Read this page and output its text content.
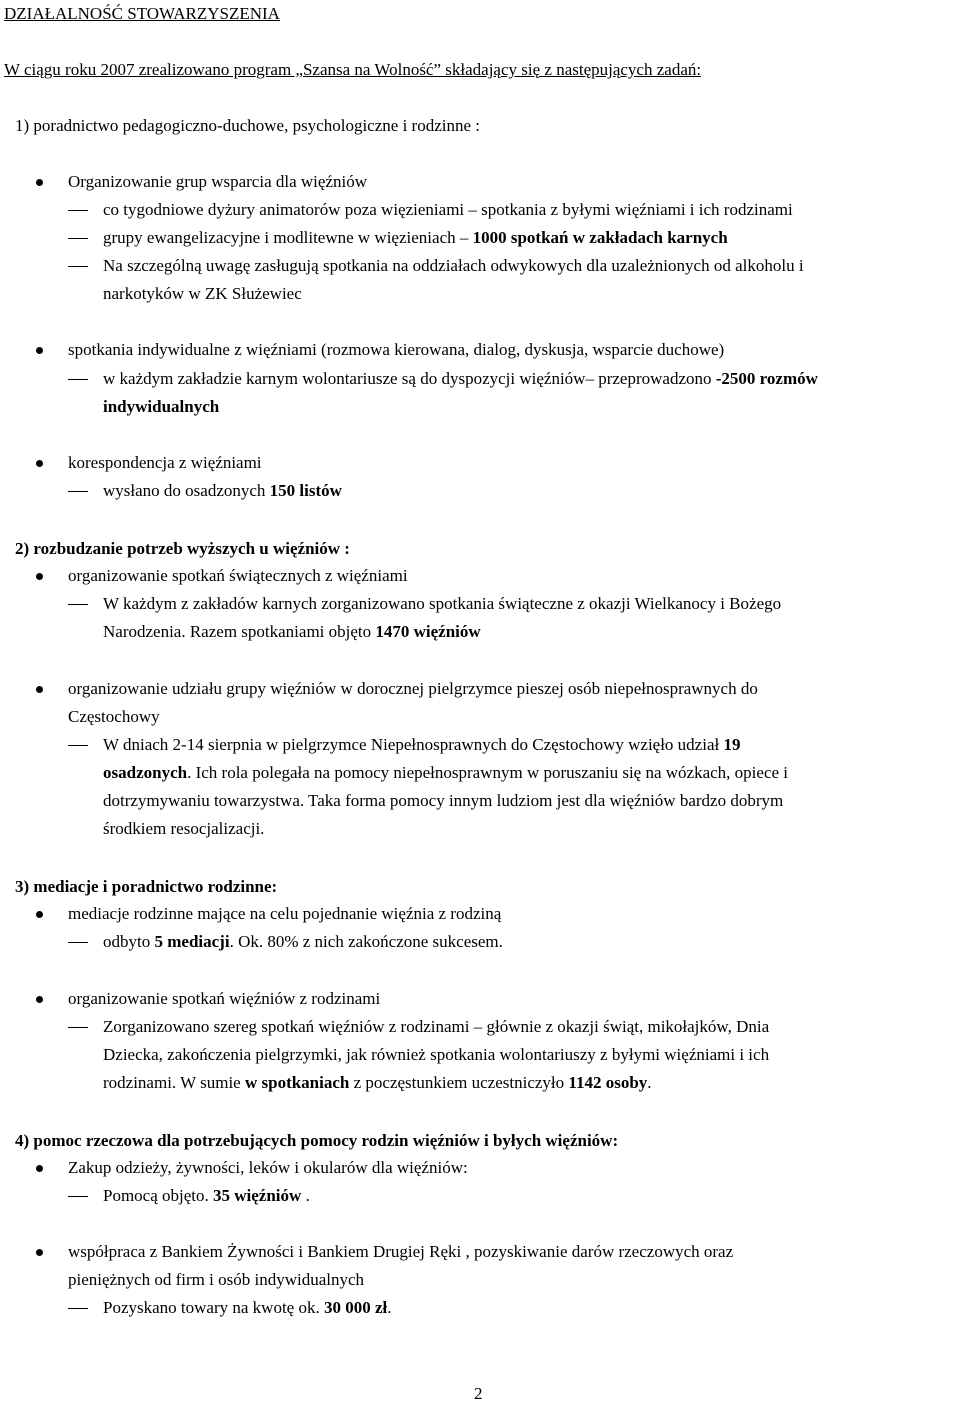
DZIAŁALNOŚĆ STOWARZYSZENIA
W ciągu roku 2007 zrealizowano program „Szansa na Wolność” składający się z następujących zadań:
1) poradnictwo pedagogiczno-duchowe, psychologiczne i rodzinne :
Organizowanie grup wsparcia dla więźniów
co tygodniowe dyżury animatorów poza więzieniami – spotkania z byłymi więźniami i ich rodzinami
grupy ewangelizacyjne i modlitewne w więzieniach – 1000 spotkań w zakładach karnych
Na szczególną uwagę zasługują spotkania na oddziałach odwykowych dla uzależnionych od alkoholu i
narkotyków w ZK Służewiec
spotkania indywidualne z więźniami (rozmowa kierowana, dialog, dyskusja, wsparcie duchowe)
w każdym zakładzie karnym wolontariusze są do dyspozycji więźniów– przeprowadzono -2500 rozmów
indywidualnych
korespondencja z więźniami
wysłano do osadzonych 150 listów
2) rozbudzanie potrzeb wyższych u więźniów :
organizowanie spotkań świątecznych z więźniami
W każdym z zakładów karnych zorganizowano spotkania świąteczne z okazji Wielkanocy i Bożego
Narodzenia. Razem spotkaniami objęto 1470 więźniów
organizowanie udziału grupy więźniów w dorocznej pielgrzymce pieszej osób niepełnosprawnych do
Częstochowy
W dniach 2-14 sierpnia w pielgrzymce Niepełnosprawnych do Częstochowy wzięło udział 19
osadzonych. Ich rola polegała na pomocy niepełnosprawnym w poruszaniu się na wózkach, opiece i
dotrzymywaniu towarzystwa. Taka forma pomocy innym ludziom jest dla więźniów bardzo dobrym
środkiem resocjalizacji.
3) mediacje i poradnictwo rodzinne:
mediacje rodzinne mające na celu pojednanie więźnia z rodziną
odbyto 5 mediacji. Ok. 80% z nich zakończone sukcesem.
organizowanie spotkań więźniów z rodzinami
Zorganizowano szereg spotkań więźniów z rodzinami – głównie z okazji świąt, mikołajków, Dnia
Dziecka, zakończenia pielgrzymki, jak również spotkania wolontariuszy z byłymi więźniami i ich
rodzinami. W sumie w spotkaniach z poczęstunkiem uczestniczyło 1142 osoby.
4) pomoc rzeczowa dla potrzebujących pomocy rodzin więźniów i byłych więźniów:
Zakup odzieży, żywności, leków i okularów dla więźniów:
Pomocą objęto. 35 więźniów .
współpraca z Bankiem Żywności i Bankiem Drugiej Ręki , pozyskiwanie darów rzeczowych oraz
pieniężnych od firm i osób indywidualnych
Pozyskano towary na kwotę ok. 30 000 zł.
2
